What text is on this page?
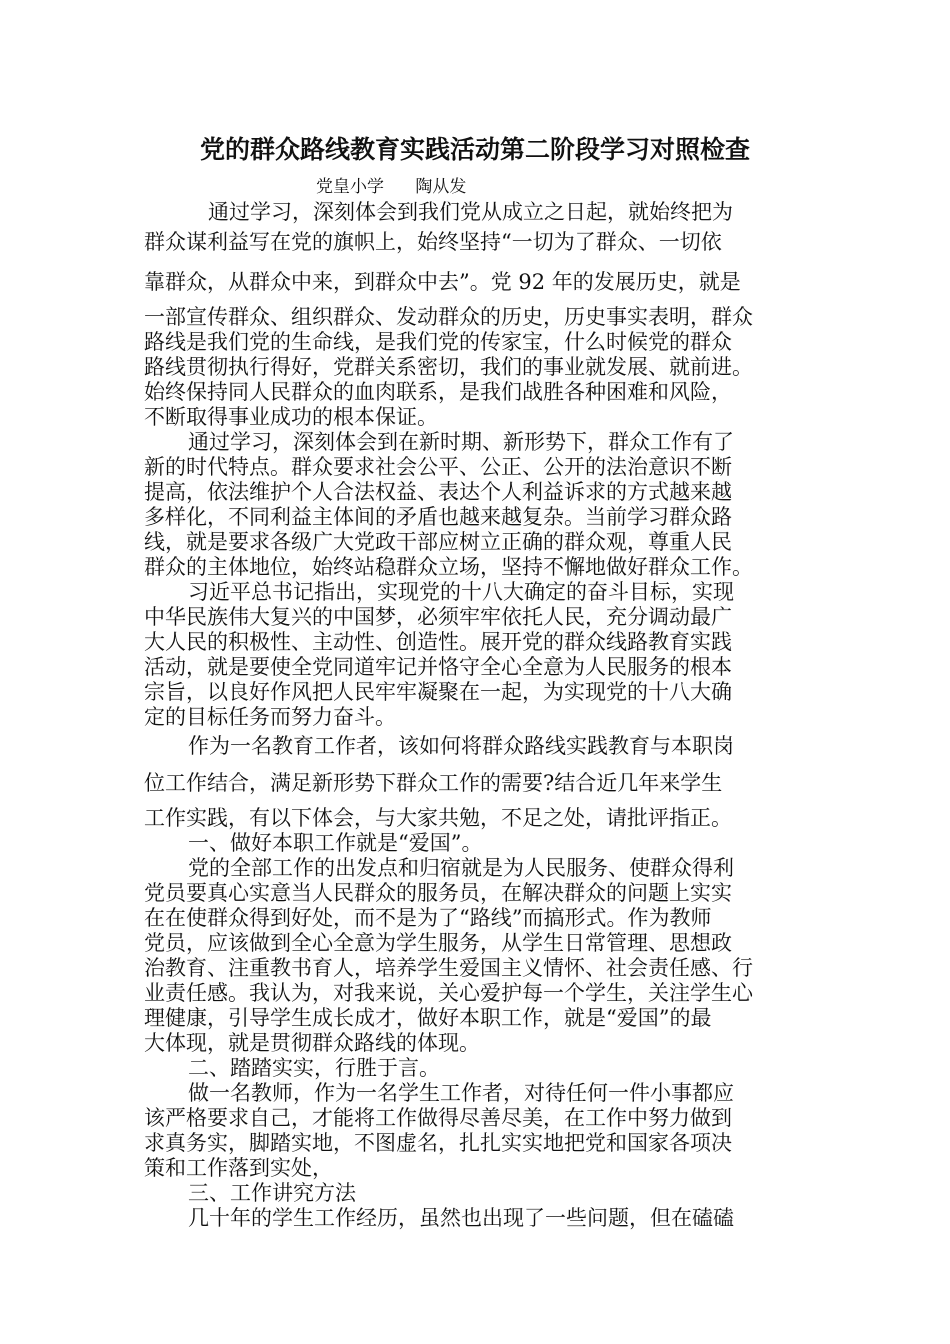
党的群众路线教育实践活动第二阶段学习对照检查
党皇小学 陶从发
通过学习，深刻体会到我们党从成立之日起，就始终把为
群众谋利益写在党的旗帜上，始终坚持“一切为了群众、一切依
靠群众，从群众中来，到群众中去”。党 92 年的发展历史，就是
一部宣传群众、组织群众、发动群众的历史，历史事实表明，群众
路线是我们党的生命线，是我们党的传家宝，什么时候党的群众
路线贯彻执行得好，党群关系密切，我们的事业就发展、就前进。
始终保持同人民群众的血肉联系，是我们战胜各种困难和风险，
不断取得事业成功的根本保证。
通过学习，深刻体会到在新时期、新形势下，群众工作有了
新的时代特点。群众要求社会公平、公正、公开的法治意识不断
提高，依法维护个人合法权益、表达个人利益诉求的方式越来越
多样化，不同利益主体间的矛盾也越来越复杂。当前学习群众路
线，就是要求各级广大党政干部应树立正确的群众观，尊重人民
群众的主体地位，始终站稳群众立场，坚持不懈地做好群众工作。
习近平总书记指出，实现党的十八大确定的奋斗目标，实现
中华民族伟大复兴的中国梦，必须牢牢依托人民，充分调动最广
大人民的积极性、主动性、创造性。展开党的群众线路教育实践
活动，就是要使全党同道牢记并恪守全心全意为人民服务的根本
宗旨，以良好作风把人民牢牢凝聚在一起，为实现党的十八大确
定的目标任务而努力奋斗。
作为一名教育工作者，该如何将群众路线实践教育与本职岗
位工作结合，满足新形势下群众工作的需要?结合近几年来学生
工作实践，有以下体会，与大家共勉，不足之处，请批评指正。
一、做好本职工作就是“爱国”。
党的全部工作的出发点和归宿就是为人民服务、使群众得利
党员要真心实意当人民群众的服务员，在解决群众的问题上实实
在在使群众得到好处，而不是为了“路线”而搞形式。作为教师
党员，应该做到全心全意为学生服务，从学生日常管理、思想政
治教育、注重教书育人，培养学生爱国主义情怀、社会责任感、行
业责任感。我认为，对我来说，关心爱护每一个学生，关注学生心
理健康，引导学生成长成才，做好本职工作，就是“爱国”的最
大体现，就是贯彻群众路线的体现。
二、踏踏实实，行胜于言。
做一名教师，作为一名学生工作者，对待任何一件小事都应
该严格要求自己，才能将工作做得尽善尽美，在工作中努力做到
求真务实，脚踏实地，不图虚名，扎扎实实地把党和国家各项决
策和工作落到实处，
三、工作讲究方法
几十年的学生工作经历，虽然也出现了一些问题，但在磕磕
